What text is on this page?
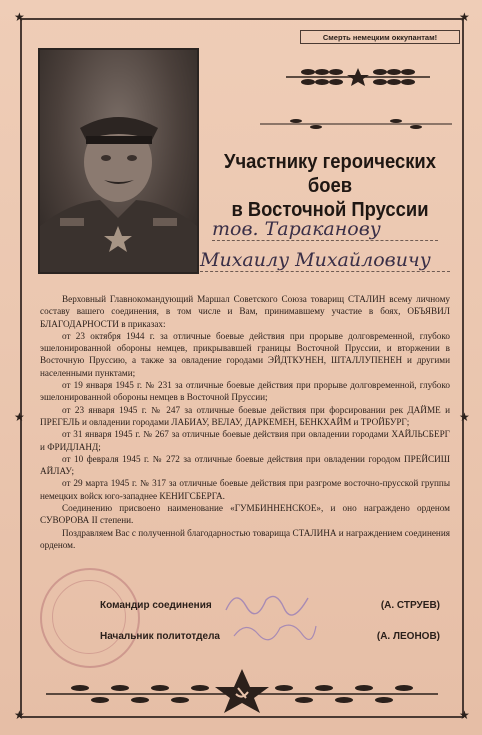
★	★
★	★
★	★
Смерть немецким оккупантам!
Участнику героических боев
в Восточной Пруссии
тов. Тараканову
Михаилу Михайловичу

Верховный Главнокомандующий Маршал Советского Союза товарищ СТАЛИН всему личному составу вашего соединения, в том числе и Вам, принимавшему участие в боях, ОБЪЯВИЛ БЛАГОДАРНОСТИ в приказах:

от 23 октября 1944 г. за отличные боевые действия при прорыве долговременной, глубоко эшелонированной обороны немцев, прикрывавшей границы Восточной Пруссии, и вторжении в Восточную Пруссию, а также за овладение городами ЭЙДТКУНЕН, ШТАЛЛУПЕНЕН и другими населенными пунктами;

от 19 января 1945 г. № 231 за отличные боевые действия при прорыве долговременной, глубоко эшелонированной обороны немцев в Восточной Пруссии;

от 23 января 1945 г. № 247 за отличные боевые действия при форсировании рек ДАЙМЕ и ПРЕГЕЛЬ и овладении городами ЛАБИАУ, ВЕЛАУ, ДАРКЕМЕН, БЕНКХАЙМ и ТРОЙБУРГ;

от 31 января 1945 г. № 267 за отличные боевые действия при овладении городами ХАЙЛЬСБЕРГ и ФРИДЛАНД;

от 10 февраля 1945 г. № 272 за отличные боевые действия при овладении городом ПРЕЙСИШ АЙЛАУ;

от 29 марта 1945 г. № 317 за отличные боевые действия при разгроме восточно-прусской группы немецких войск юго-западнее КЕНИГСБЕРГА.

Соединению присвоено наименование «ГУМБИННЕНСКОЕ», и оно награждено орденом СУВОРОВА II степени.

Поздравляем Вас с полученной благодарностью товарища СТАЛИНА и награждением соединения орденом.

Командир соединения	(А. СТРУЕВ)
Начальник политотдела	(А. ЛЕОНОВ)
